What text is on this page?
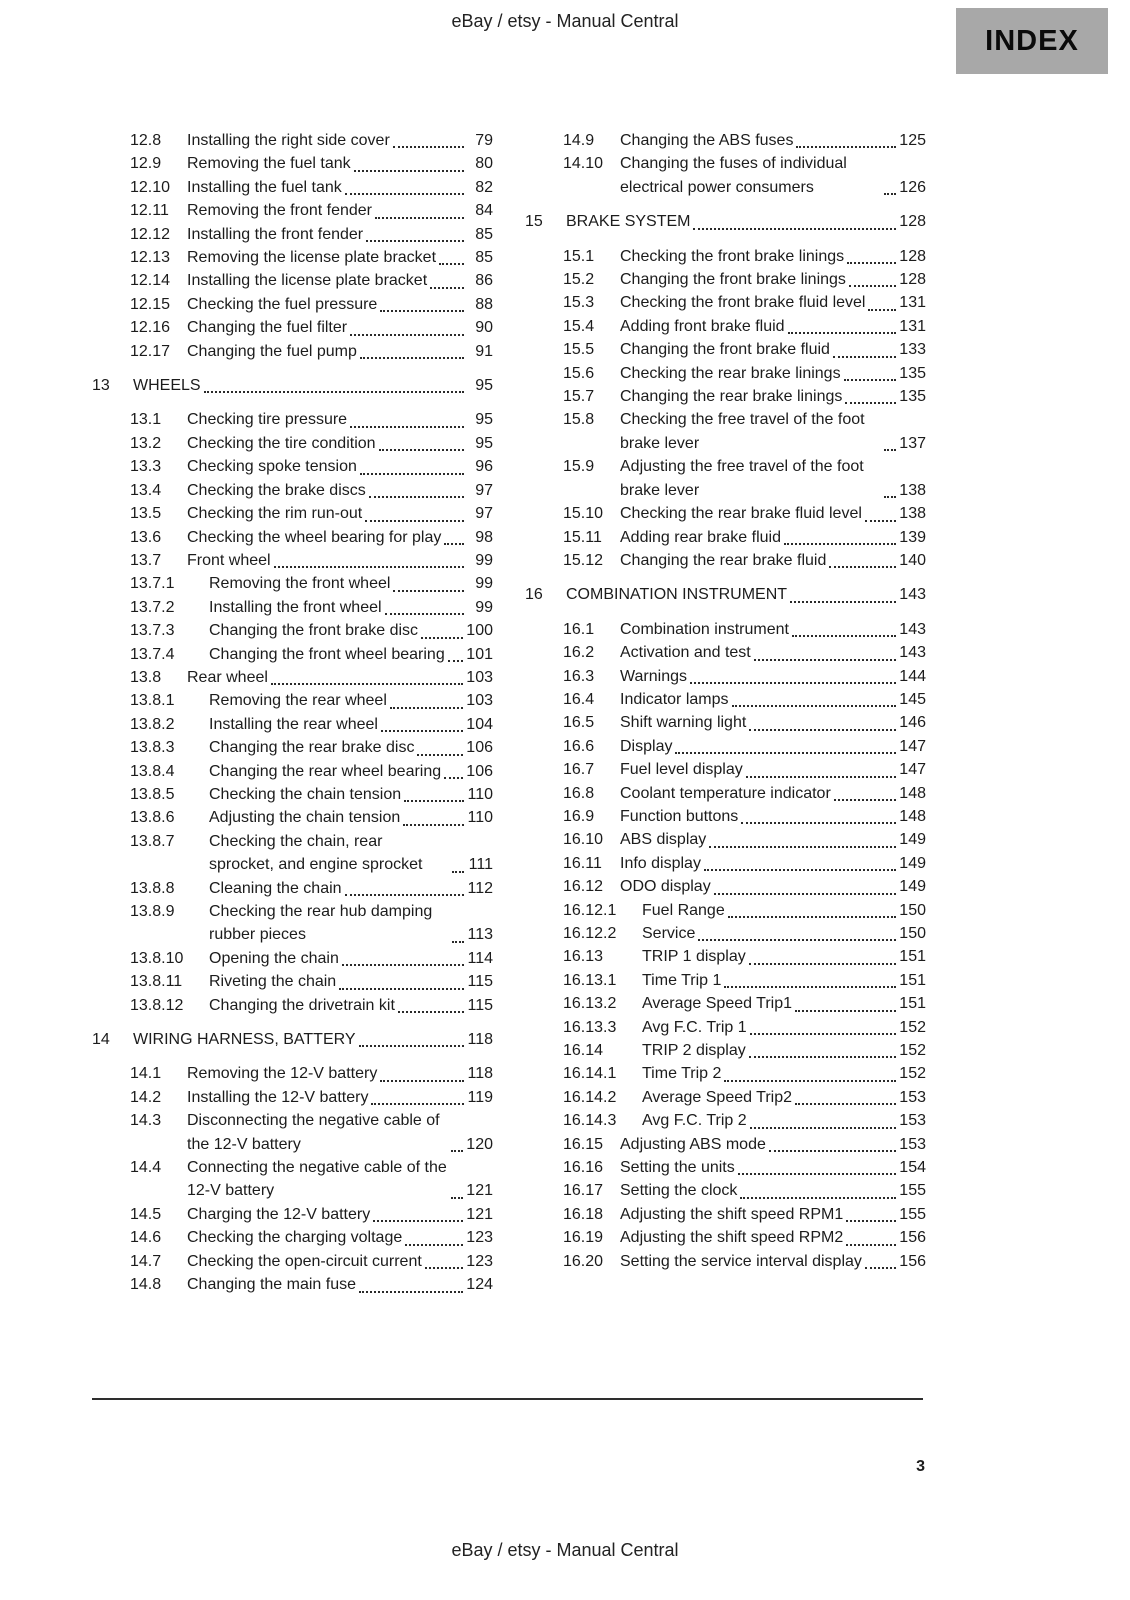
eBay / etsy - Manual Central
INDEX
12.8	Installing the right side cover	79
12.9	Removing the fuel tank	80
12.10	Installing the fuel tank	82
12.11	Removing the front fender	84
12.12	Installing the front fender	85
12.13	Removing the license plate bracket	85
12.14	Installing the license plate bracket	86
12.15	Checking the fuel pressure	88
12.16	Changing the fuel filter	90
12.17	Changing the fuel pump	91
13	WHEELS	95
13.1	Checking tire pressure	95
13.2	Checking the tire condition	95
13.3	Checking spoke tension	96
13.4	Checking the brake discs	97
13.5	Checking the rim run-out	97
13.6	Checking the wheel bearing for play	98
13.7	Front wheel	99
13.7.1	Removing the front wheel	99
13.7.2	Installing the front wheel	99
13.7.3	Changing the front brake disc	100
13.7.4	Changing the front wheel bearing 101
13.8	Rear wheel	103
13.8.1	Removing the rear wheel	103
13.8.2	Installing the rear wheel	104
13.8.3	Changing the rear brake disc	106
13.8.4	Changing the rear wheel bearing 106
13.8.5	Checking the chain tension	110
13.8.6	Adjusting the chain tension	110
13.8.7	Checking the chain, rear sprocket, and engine sprocket	111
13.8.8	Cleaning the chain	112
13.8.9	Checking the rear hub damping rubber pieces	113
13.8.10	Opening the chain	114
13.8.11	Riveting the chain	115
13.8.12	Changing the drivetrain kit	115
14	WIRING HARNESS, BATTERY	118
14.1	Removing the 12-V battery	118
14.2	Installing the 12-V battery	119
14.3	Disconnecting the negative cable of the 12-V battery	120
14.4	Connecting the negative cable of the 12-V battery	121
14.5	Charging the 12-V battery	121
14.6	Checking the charging voltage	123
14.7	Checking the open-circuit current	123
14.8	Changing the main fuse	124
14.9	Changing the ABS fuses	125
14.10	Changing the fuses of individual electrical power consumers	126
15	BRAKE SYSTEM	128
15.1	Checking the front brake linings	128
15.2	Changing the front brake linings	128
15.3	Checking the front brake fluid level 131
15.4	Adding front brake fluid	131
15.5	Changing the front brake fluid	133
15.6	Checking the rear brake linings	135
15.7	Changing the rear brake linings	135
15.8	Checking the free travel of the foot brake lever	137
15.9	Adjusting the free travel of the foot brake lever	138
15.10	Checking the rear brake fluid level 138
15.11	Adding rear brake fluid	139
15.12	Changing the rear brake fluid	140
16	COMBINATION INSTRUMENT	143
16.1	Combination instrument	143
16.2	Activation and test	143
16.3	Warnings	144
16.4	Indicator lamps	145
16.5	Shift warning light	146
16.6	Display	147
16.7	Fuel level display	147
16.8	Coolant temperature indicator	148
16.9	Function buttons	148
16.10	ABS display	149
16.11	Info display	149
16.12	ODO display	149
16.12.1	Fuel Range	150
16.12.2	Service	150
16.13	TRIP 1 display	151
16.13.1	Time Trip 1	151
16.13.2	Average Speed Trip1	151
16.13.3	Avg F.C. Trip 1	152
16.14	TRIP 2 display	152
16.14.1	Time Trip 2	152
16.14.2	Average Speed Trip2	153
16.14.3	Avg F.C. Trip 2	153
16.15	Adjusting ABS mode	153
16.16	Setting the units	154
16.17	Setting the clock	155
16.18	Adjusting the shift speed RPM1	155
16.19	Adjusting the shift speed RPM2	156
16.20	Setting the service interval display 156
3
eBay / etsy - Manual Central
